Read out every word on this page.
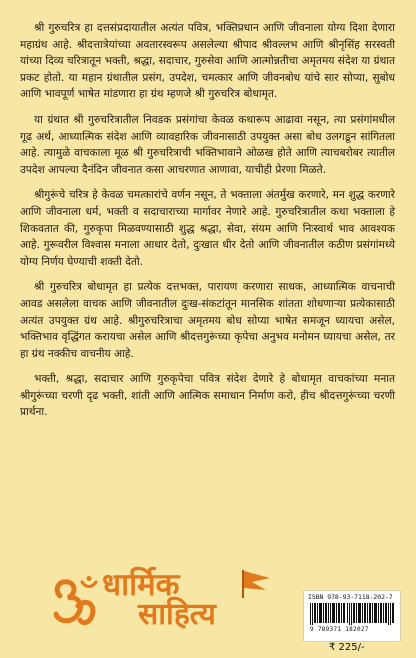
श्री गुरुचरित्र हा दत्तसंप्रदायातील अत्यंत पवित्र, भक्तिप्रधान आणि जीवनाला योग्य दिशा देणारा महाग्रंथ आहे. श्रीदत्तात्रेयांच्या अवतारस्वरूप असलेल्या श्रीपाद श्रीवल्लभ आणि श्रीनृसिंह सरस्वती यांच्या दिव्य चरित्रातून भक्ती, श्रद्धा, सदाचार, गुरुसेवा आणि आत्मोन्नतीचा अमृतमय संदेश या ग्रंथात प्रकट होतो. या महान ग्रंथातील प्रसंग, उपदेश, चमत्कार आणि जीवनबोध यांचे सार सोप्या, सुबोध आणि भावपूर्ण भाषेत मांडणारा हा ग्रंथ म्हणजे श्री गुरुचरित्र बोधामृत.

या ग्रंथात श्री गुरुचरित्रातील निवडक प्रसंगांचा केवळ कथारूप आढावा नसून, त्या प्रसंगांमधील गूढ अर्थ, आध्यात्मिक संदेश आणि व्यावहारिक जीवनासाठी उपयुक्त असा बोध उलगडून सांगितला आहे. त्यामुळे वाचकाला मूळ श्री गुरुचरित्राची भक्तिभावाने ओळख होते आणि त्याचबरोबर त्यातील उपदेश आपल्या दैनंदिन जीवनात कसा आचरणात आणावा, याचीही प्रेरणा मिळते.

श्रीगुरूंचे चरित्र हे केवळ चमत्कारांचे वर्णन नसून, ते भक्ताला अंतर्मुख करणारे, मन शुद्ध करणारे आणि जीवनाला धर्म, भक्ती व सदाचाराच्या मार्गावर नेणारे आहे. गुरुचरित्रातील कथा भक्ताला हे शिकवतात की, गुरुकृपा मिळवण्यासाठी शुद्ध श्रद्धा, सेवा, संयम आणि निःस्वार्थ भाव आवश्यक आहे. गुरूवरील विश्वास मनाला आधार देतो, दुःखात धीर देतो आणि जीवनातील कठीण प्रसंगांमध्ये योग्य निर्णय घेण्याची शक्ती देतो.

श्री गुरुचरित्र बोधामृत हा प्रत्येक दत्तभक्त, पारायण करणारा साधक, आध्यात्मिक वाचनाची आवड असलेला वाचक आणि जीवनातील दुःख-संकटांतून मानसिक शांतता शोधणाऱ्या प्रत्येकासाठी अत्यंत उपयुक्त ग्रंथ आहे. श्रीगुरुचरित्राचा अमृतमय बोध सोप्या भाषेत समजून घ्यायचा असेल, भक्तिभाव वृद्धिंगत करायचा असेल आणि श्रीदत्तगुरूंच्या कृपेचा अनुभव मनोमन घ्यायचा असेल, तर हा ग्रंथ नक्कीच वाचनीय आहे.

भक्ती, श्रद्धा, सदाचार आणि गुरुकृपेचा पवित्र संदेश देणारे हे बोधामृत वाचकांच्या मनात श्रीगुरूंच्या चरणी दृढ भक्ती, शांती आणि आत्मिक समाधान निर्माण करो, हीच श्रीदत्तगुरूंच्या चरणी प्रार्थना.

धार्मिक
साहित्य	ISBN 978-93-7118-202-7
9 789371 182027
₹ 225/-
